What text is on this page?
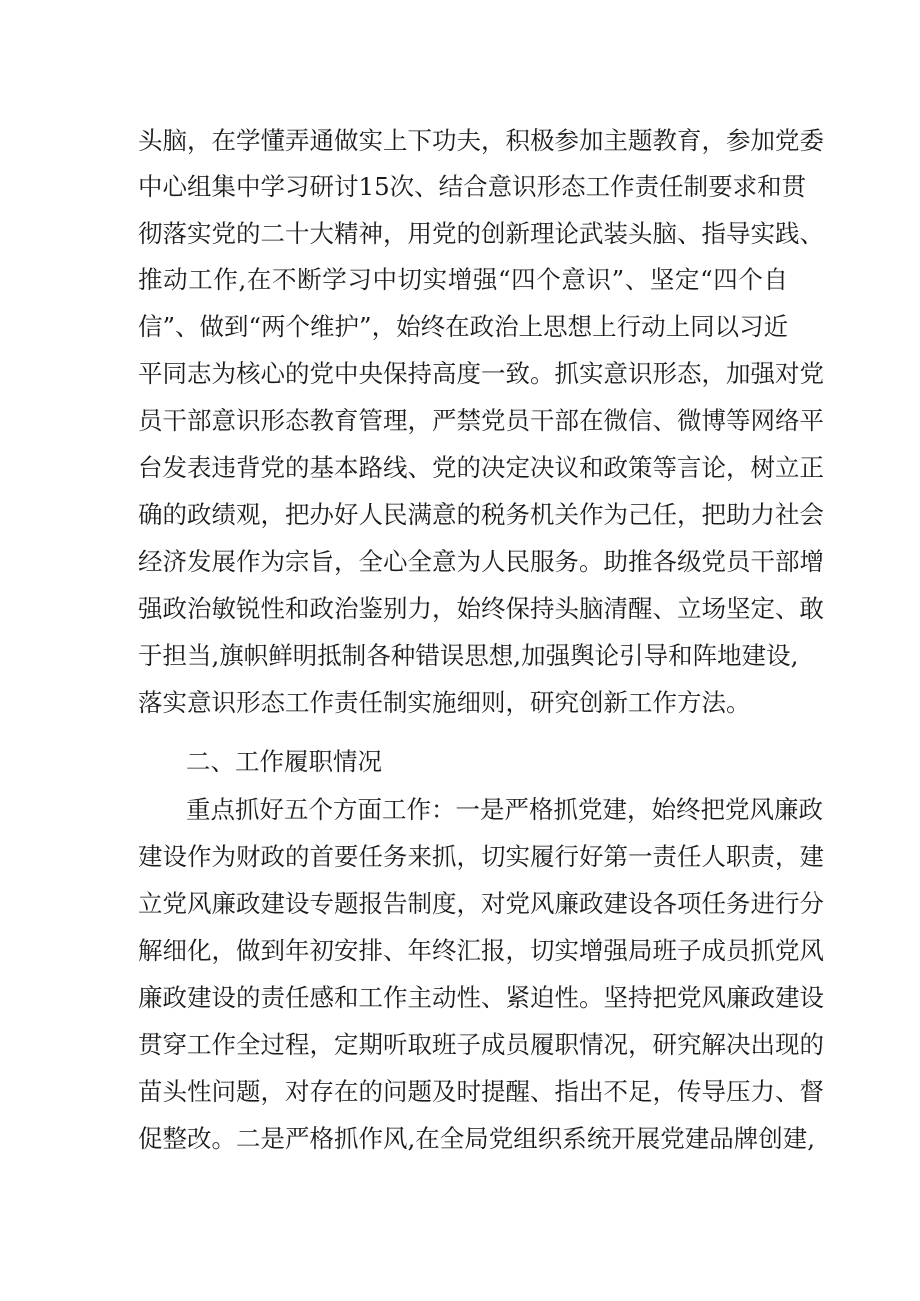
头脑，在学懂弄通做实上下功夫，积极参加主题教育，参加党委
中心组集中学习研讨15次、结合意识形态工作责任制要求和贯
彻落实党的二十大精神，用党的创新理论武装头脑、指导实践、
推动工作,在不断学习中切实增强“四个意识”、坚定“四个自
信”、做到“两个维护”，始终在政治上思想上行动上同以习近
平同志为核心的党中央保持高度一致。抓实意识形态，加强对党
员干部意识形态教育管理，严禁党员干部在微信、微博等网络平
台发表违背党的基本路线、党的决定决议和政策等言论，树立正
确的政绩观，把办好人民满意的税务机关作为己任，把助力社会
经济发展作为宗旨，全心全意为人民服务。助推各级党员干部增
强政治敏锐性和政治鉴别力，始终保持头脑清醒、立场坚定、敢
于担当,旗帜鲜明抵制各种错误思想,加强舆论引导和阵地建设,
落实意识形态工作责任制实施细则，研究创新工作方法。
二、工作履职情况
重点抓好五个方面工作：一是严格抓党建，始终把党风廉政
建设作为财政的首要任务来抓，切实履行好第一责任人职责，建
立党风廉政建设专题报告制度，对党风廉政建设各项任务进行分
解细化，做到年初安排、年终汇报，切实增强局班子成员抓党风
廉政建设的责任感和工作主动性、紧迫性。坚持把党风廉政建设
贯穿工作全过程，定期听取班子成员履职情况，研究解决出现的
苗头性问题，对存在的问题及时提醒、指出不足，传导压力、督
促整改。二是严格抓作风,在全局党组织系统开展党建品牌创建,
